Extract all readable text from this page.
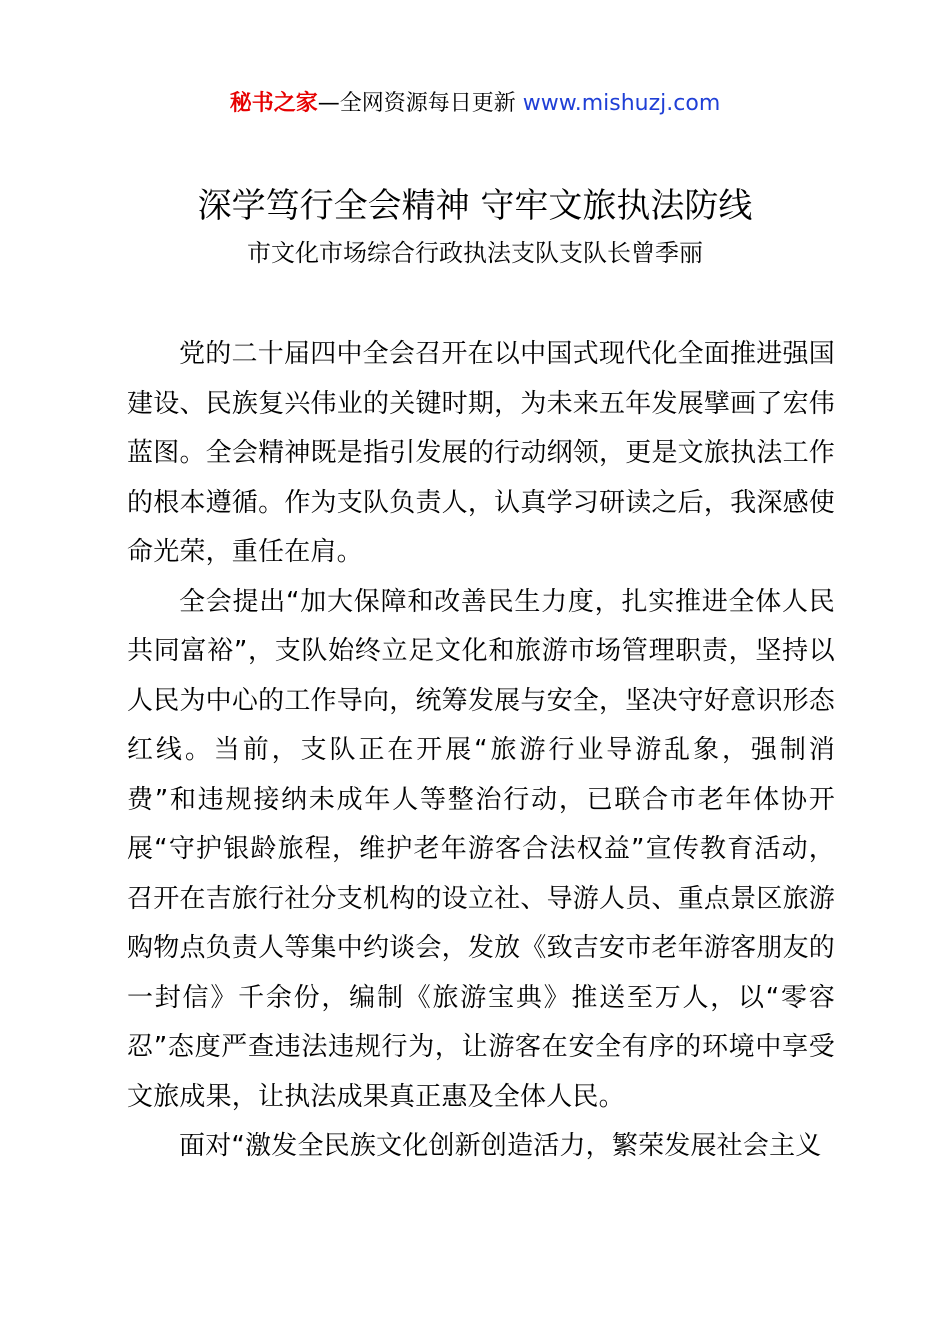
秘书之家—全网资源每日更新 www.mishuzj.com
深学笃行全会精神 守牢文旅执法防线
市文化市场综合行政执法支队支队长曾季丽

党的二十届四中全会召开在以中国式现代化全面推进强国建设、民族复兴伟业的关键时期，为未来五年发展擘画了宏伟蓝图。全会精神既是指引发展的行动纲领，更是文旅执法工作的根本遵循。作为支队负责人，认真学习研读之后，我深感使命光荣，重任在肩。

全会提出“加大保障和改善民生力度，扎实推进全体人民共同富裕”，支队始终立足文化和旅游市场管理职责，坚持以人民为中心的工作导向，统筹发展与安全，坚决守好意识形态红线。当前，支队正在开展“旅游行业导游乱象，强制消费”和违规接纳未成年人等整治行动，已联合市老年体协开展“守护银龄旅程，维护老年游客合法权益”宣传教育活动，召开在吉旅行社分支机构的设立社、导游人员、重点景区旅游购物点负责人等集中约谈会，发放《致吉安市老年游客朋友的一封信》千余份，编制《旅游宝典》推送至万人，以“零容忍”态度严查违法违规行为，让游客在安全有序的环境中享受文旅成果，让执法成果真正惠及全体人民。

面对“激发全民族文化创新创造活力，繁荣发展社会主义
